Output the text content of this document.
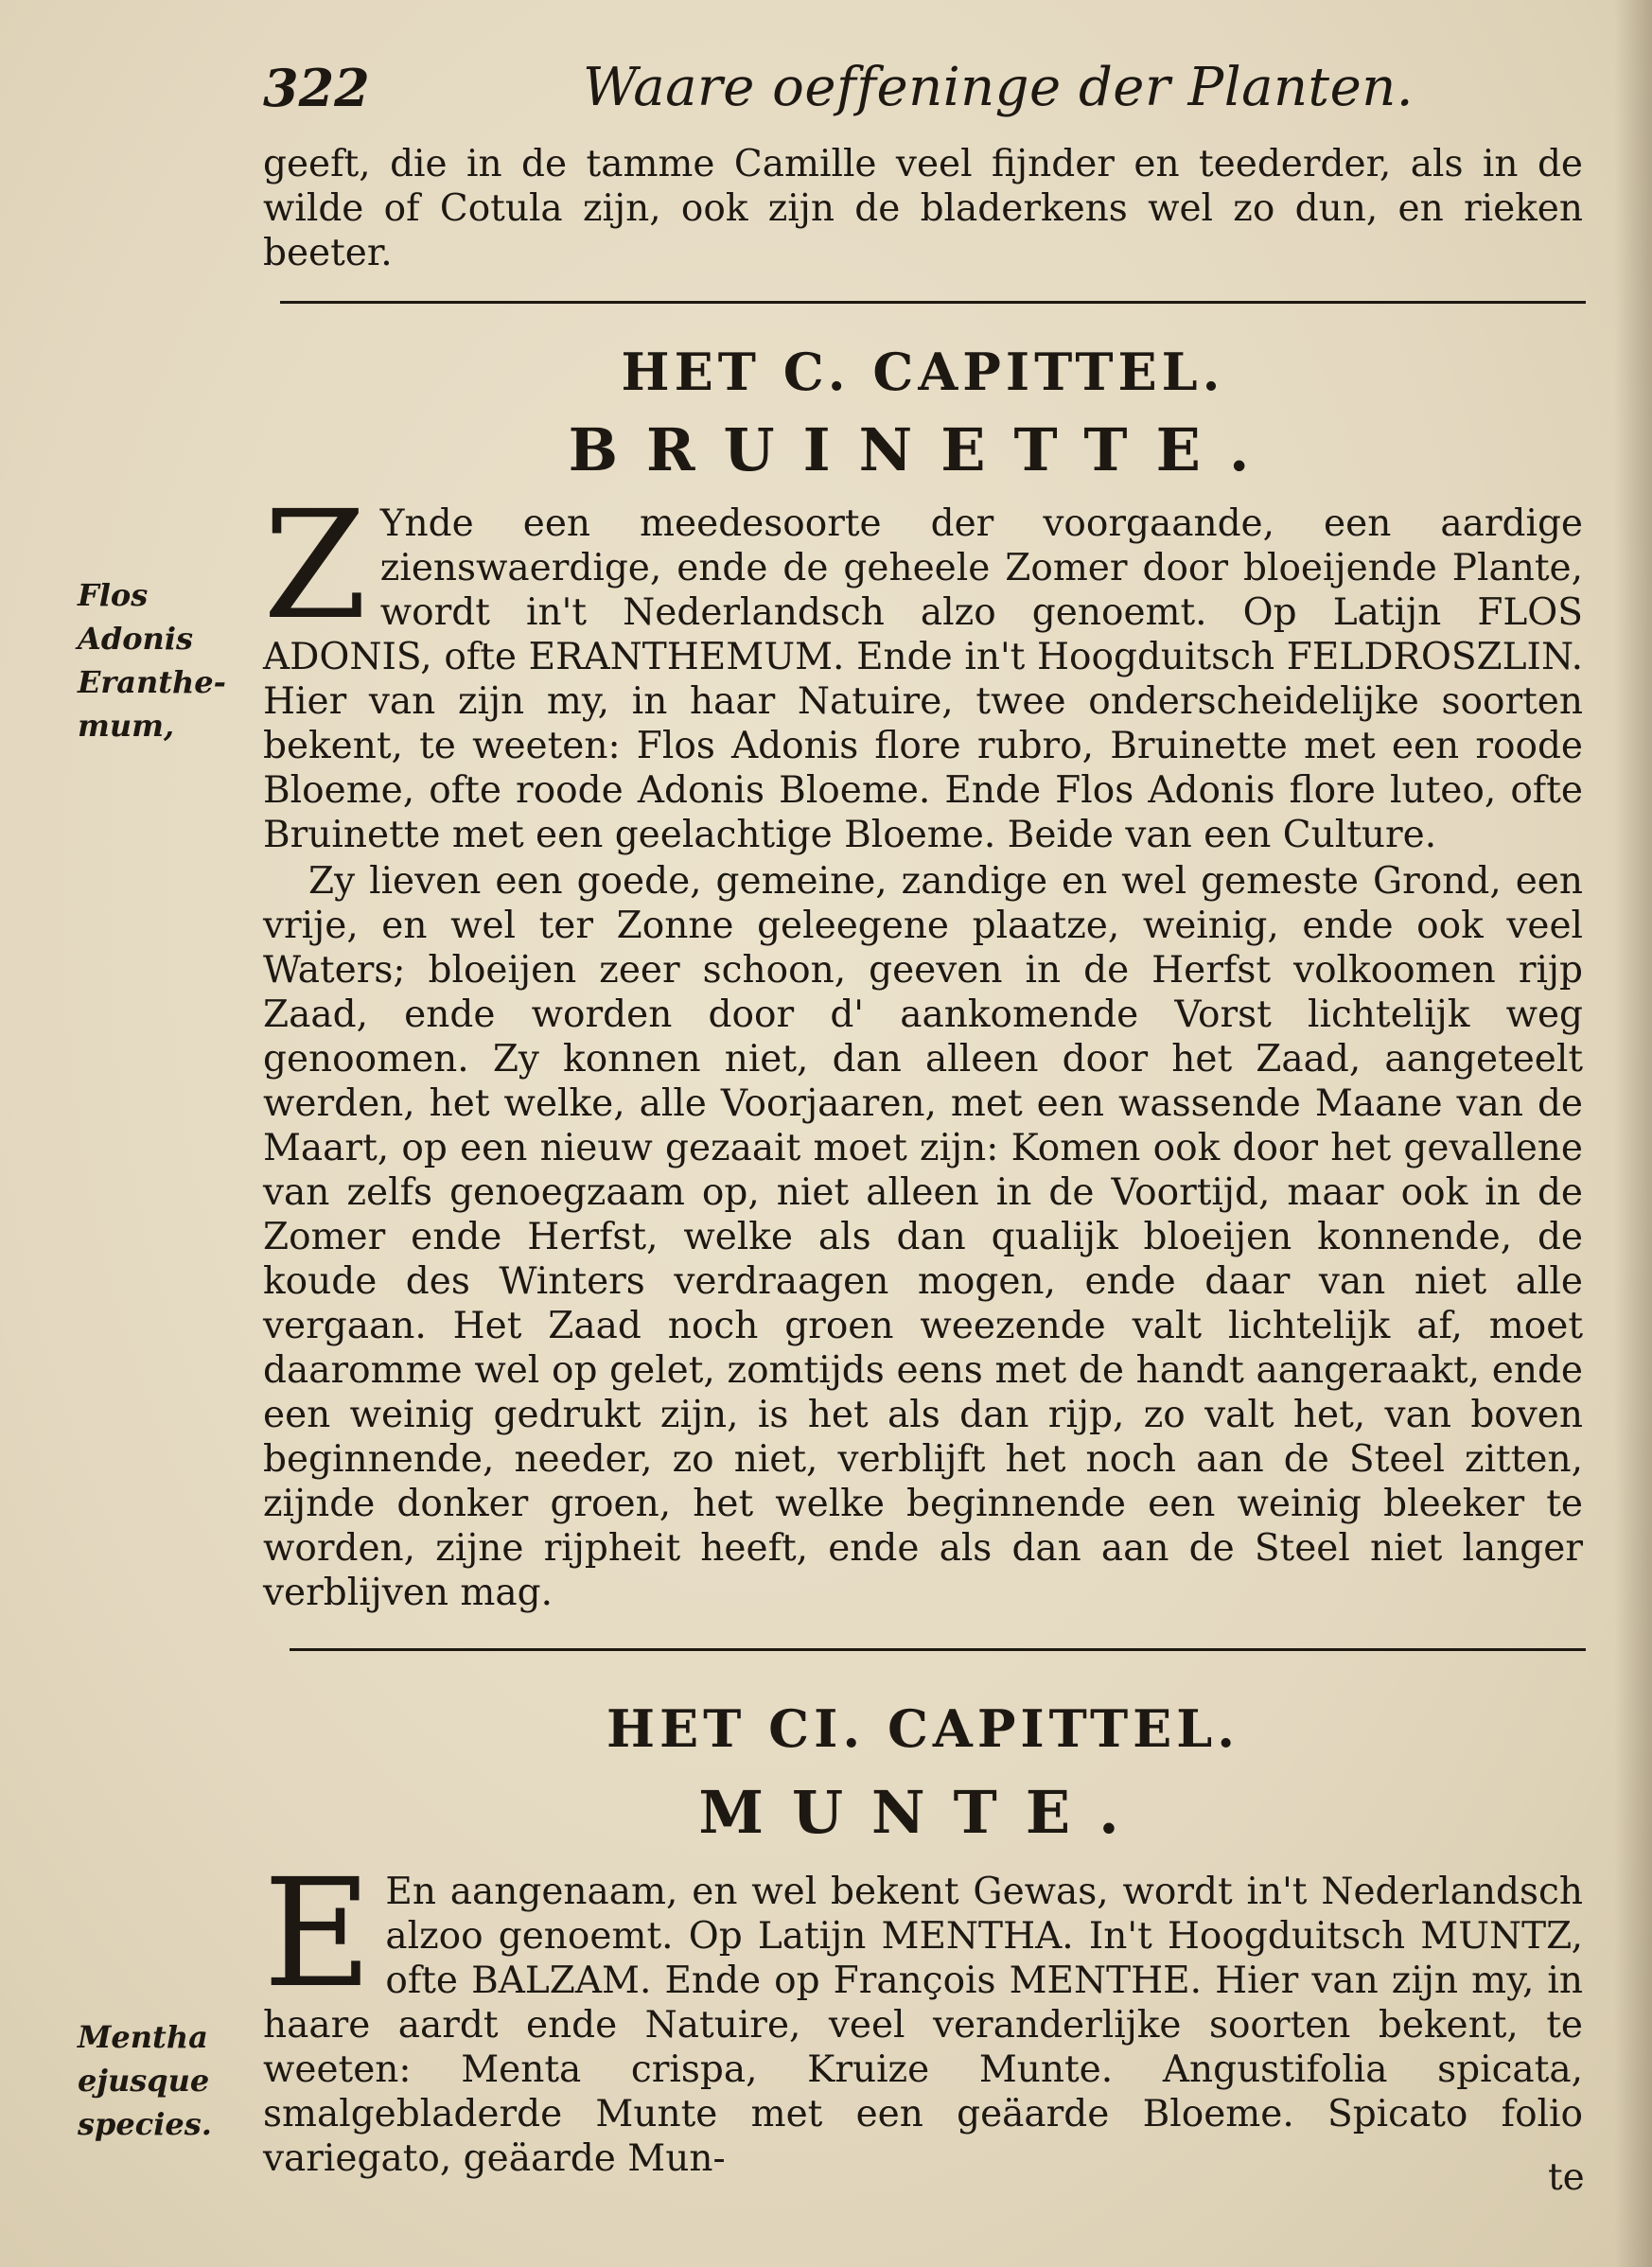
322	Waare oeffeninge der Planten.
geeft, die in de tamme Camille veel fijnder en teederder, als in de wilde of Cotula zijn, ook zijn de bladerkens wel zo dun, en rieken beeter.
HET C. CAPITTEL.
BRUINETTE.
Flos Adonis Eranthe-mum,

Z Ynde een meedesoorte der voorgaande, een aardige zienswaerdige, ende de geheele Zomer door bloeijende Plante, wordt in't Nederlandsch alzo genoemt. Op Latijn FLOS ADONIS, ofte ERANTHEMUM. Ende in't Hoogduitsch FELDROSZLIN. Hier van zijn my, in haar Natuire, twee onderscheidelijke soorten bekent, te weeten: Flos Adonis flore rubro, Bruinette met een roode Bloeme, ofte roode Adonis Bloeme. Ende Flos Adonis flore luteo, ofte Bruinette met een geelachtige Bloeme. Beide van een Culture.

Zy lieven een goede, gemeine, zandige en wel gemeste Grond, een vrije, en wel ter Zonne geleegene plaatze, weinig, ende ook veel Waters; bloeijen zeer schoon, geeven in de Herfst volkoomen rijp Zaad, ende worden door d' aankomende Vorst lichtelijk weg genoomen. Zy konnen niet, dan alleen door het Zaad, aangeteelt werden, het welke, alle Voorjaaren, met een wassende Maane van de Maart, op een nieuw gezaait moet zijn: Komen ook door het gevallene van zelfs genoegzaam op, niet alleen in de Voortijd, maar ook in de Zomer ende Herfst, welke als dan qualijk bloeijen konnende, de koude des Winters verdraagen mogen, ende daar van niet alle vergaan. Het Zaad noch groen weezende valt lichtelijk af, moet daaromme wel op gelet, zomtijds eens met de handt aangeraakt, ende een weinig gedrukt zijn, is het als dan rijp, zo valt het, van boven beginnende, needer, zo niet, verblijft het noch aan de Steel zitten, zijnde donker groen, het welke beginnende een weinig bleeker te worden, zijne rijpheit heeft, ende als dan aan de Steel niet langer verblijven mag.

HET CI. CAPITTEL.
MUNTE.
Mentha ejusque species.

E En aangenaam, en wel bekent Gewas, wordt in't Nederlandsch alzoo genoemt. Op Latijn MENTHA. In't Hoogduitsch MUNTZ, ofte BALZAM. Ende op François MENTHE. Hier van zijn my, in haare aardt ende Natuire, veel veranderlijke soorten bekent, te weeten: Menta crispa, Kruize Munte. Angustifolia spicata, smalgebladerde Munte met een geäarde Bloeme. Spicato folio variegato, geäarde Mun-	te
